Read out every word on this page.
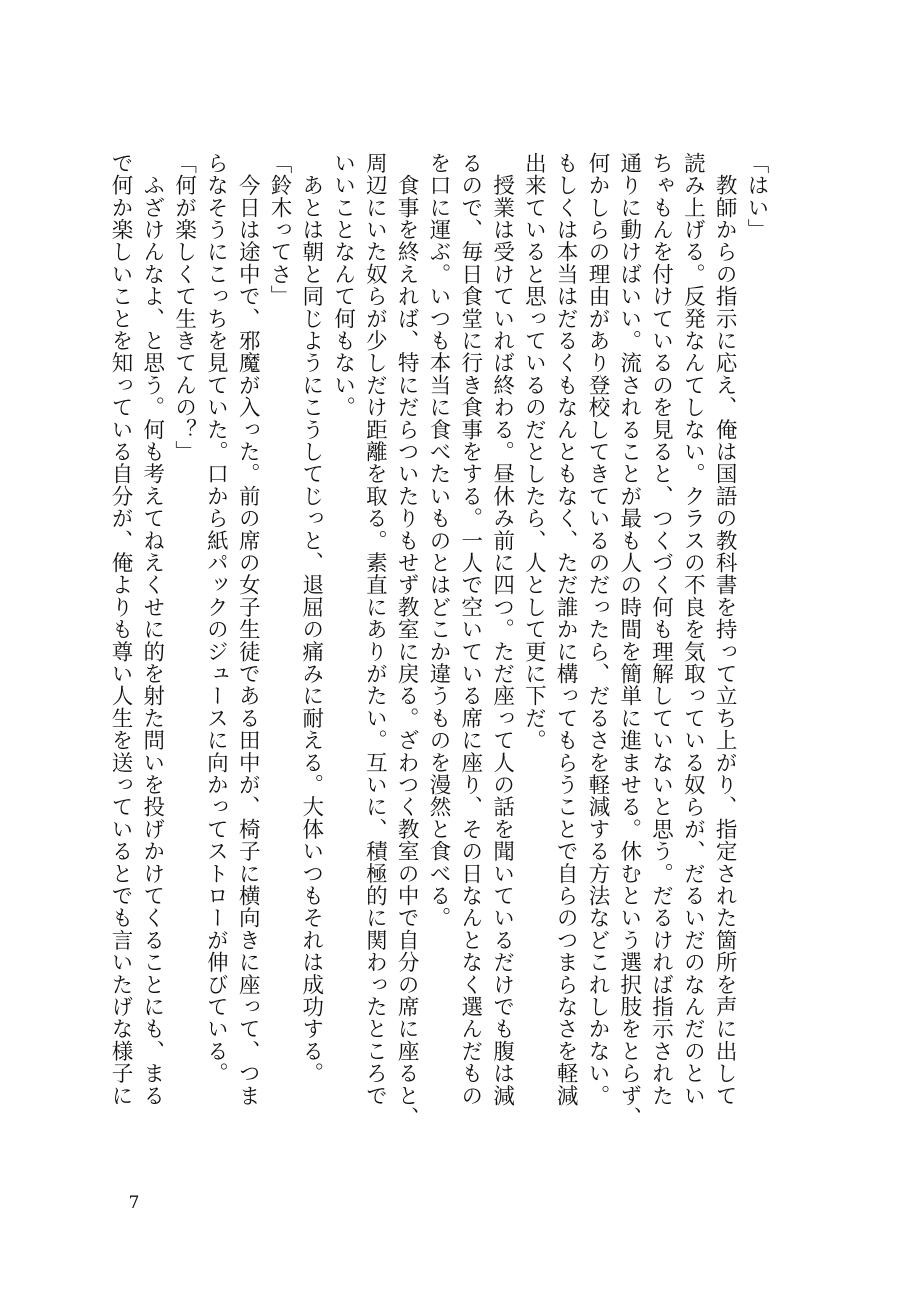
「はい」
　教師からの指示に応え、俺は国語の教科書を持って立ち上がり、指定された箇所を声に出して
読み上げる。反発なんてしない。クラスの不良を気取っている奴らが、だるいだのなんだのとい
ちゃもんを付けているのを見ると、つくづく何も理解していないと思う。だるければ指示された
通りに動けばいい。流されることが最も人の時間を簡単に進ませる。休むという選択肢をとらず、
何かしらの理由があり登校してきているのだったら、だるさを軽減する方法などこれしかない。
もしくは本当はだるくもなんともなく、ただ誰かに構ってもらうことで自らのつまらなさを軽減
出来ていると思っているのだとしたら、人として更に下だ。
　授業は受けていれば終わる。昼休み前に四つ。ただ座って人の話を聞いているだけでも腹は減
るので、毎日食堂に行き食事をする。一人で空いている席に座り、その日なんとなく選んだもの
を口に運ぶ。いつも本当に食べたいものとはどこか違うものを漫然と食べる。
　食事を終えれば、特にだらついたりもせず教室に戻る。ざわつく教室の中で自分の席に座ると、
周辺にいた奴らが少しだけ距離を取る。素直にありがたい。互いに、積極的に関わったところで
いいことなんて何もない。
　あとは朝と同じようにこうしてじっと、退屈の痛みに耐える。大体いつもそれは成功する。
「鈴木ってさ」
　今日は途中で、邪魔が入った。前の席の女子生徒である田中が、椅子に横向きに座って、つま
らなそうにこっちを見ていた。口から紙パックのジュースに向かってストローが伸びている。
「何が楽しくて生きてんの？」
　ふざけんなよ、と思う。何も考えてねえくせに的を射た問いを投げかけてくることにも、まる
で何か楽しいことを知っている自分が、俺よりも尊い人生を送っているとでも言いたげな様子に
7
